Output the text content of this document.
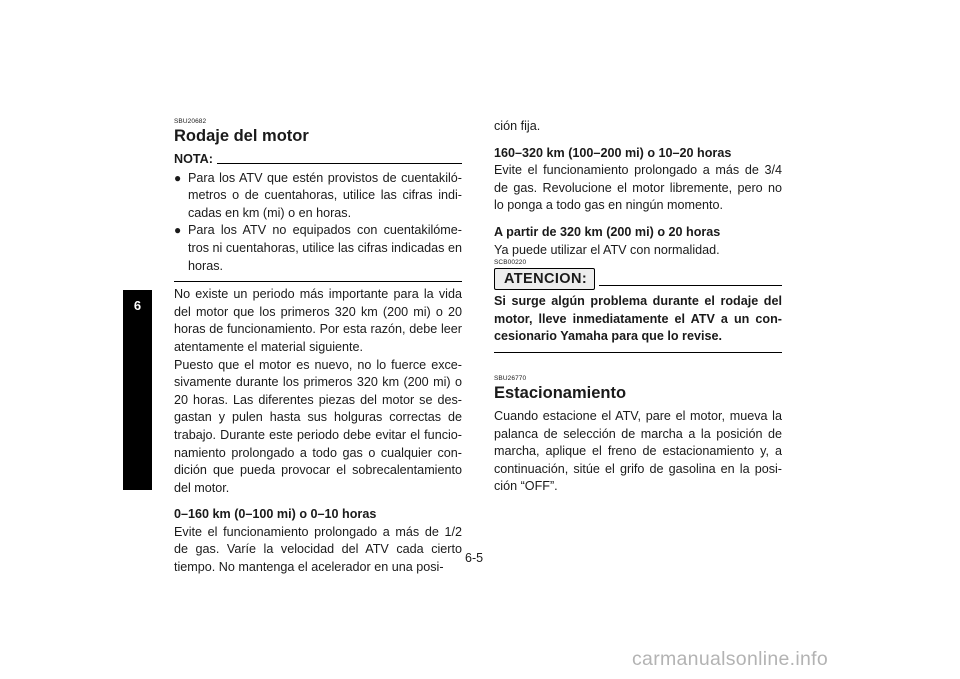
6
SBU20682
Rodaje del motor
NOTA:
● Para los ATV que estén provistos de cuentakiló-metros o de cuentahoras, utilice las cifras indi-cadas en km (mi) o en horas.
● Para los ATV no equipados con cuentakilóme-tros ni cuentahoras, utilice las cifras indicadas en horas.
No existe un periodo más importante para la vida del motor que los primeros 320 km (200 mi) o 20 horas de funcionamiento. Por esta razón, debe leer atentamente el material siguiente.
Puesto que el motor es nuevo, no lo fuerce exce-sivamente durante los primeros 320 km (200 mi) o 20 horas. Las diferentes piezas del motor se des-gastan y pulen hasta sus holguras correctas de trabajo. Durante este periodo debe evitar el funcio-namiento prolongado a todo gas o cualquier con-dición que pueda provocar el sobrecalentamiento del motor.
0–160 km (0–100 mi) o 0–10 horas
Evite el funcionamiento prolongado a más de 1/2 de gas. Varíe la velocidad del ATV cada cierto tiempo. No mantenga el acelerador en una posi-
ción fija.
160–320 km (100–200 mi) o 10–20 horas
Evite el funcionamiento prolongado a más de 3/4 de gas. Revolucione el motor libremente, pero no lo ponga a todo gas en ningún momento.
A partir de 320 km (200 mi) o 20 horas
Ya puede utilizar el ATV con normalidad.
SCB00220
ATENCION:
Si surge algún problema durante el rodaje del motor, lleve inmediatamente el ATV a un con-cesionario Yamaha para que lo revise.
SBU26770
Estacionamiento
Cuando estacione el ATV, pare el motor, mueva la palanca de selección de marcha a la posición de marcha, aplique el freno de estacionamiento y, a continuación, sitúe el grifo de gasolina en la posi-ción “OFF”.
6-5
carmanualsonline.info
